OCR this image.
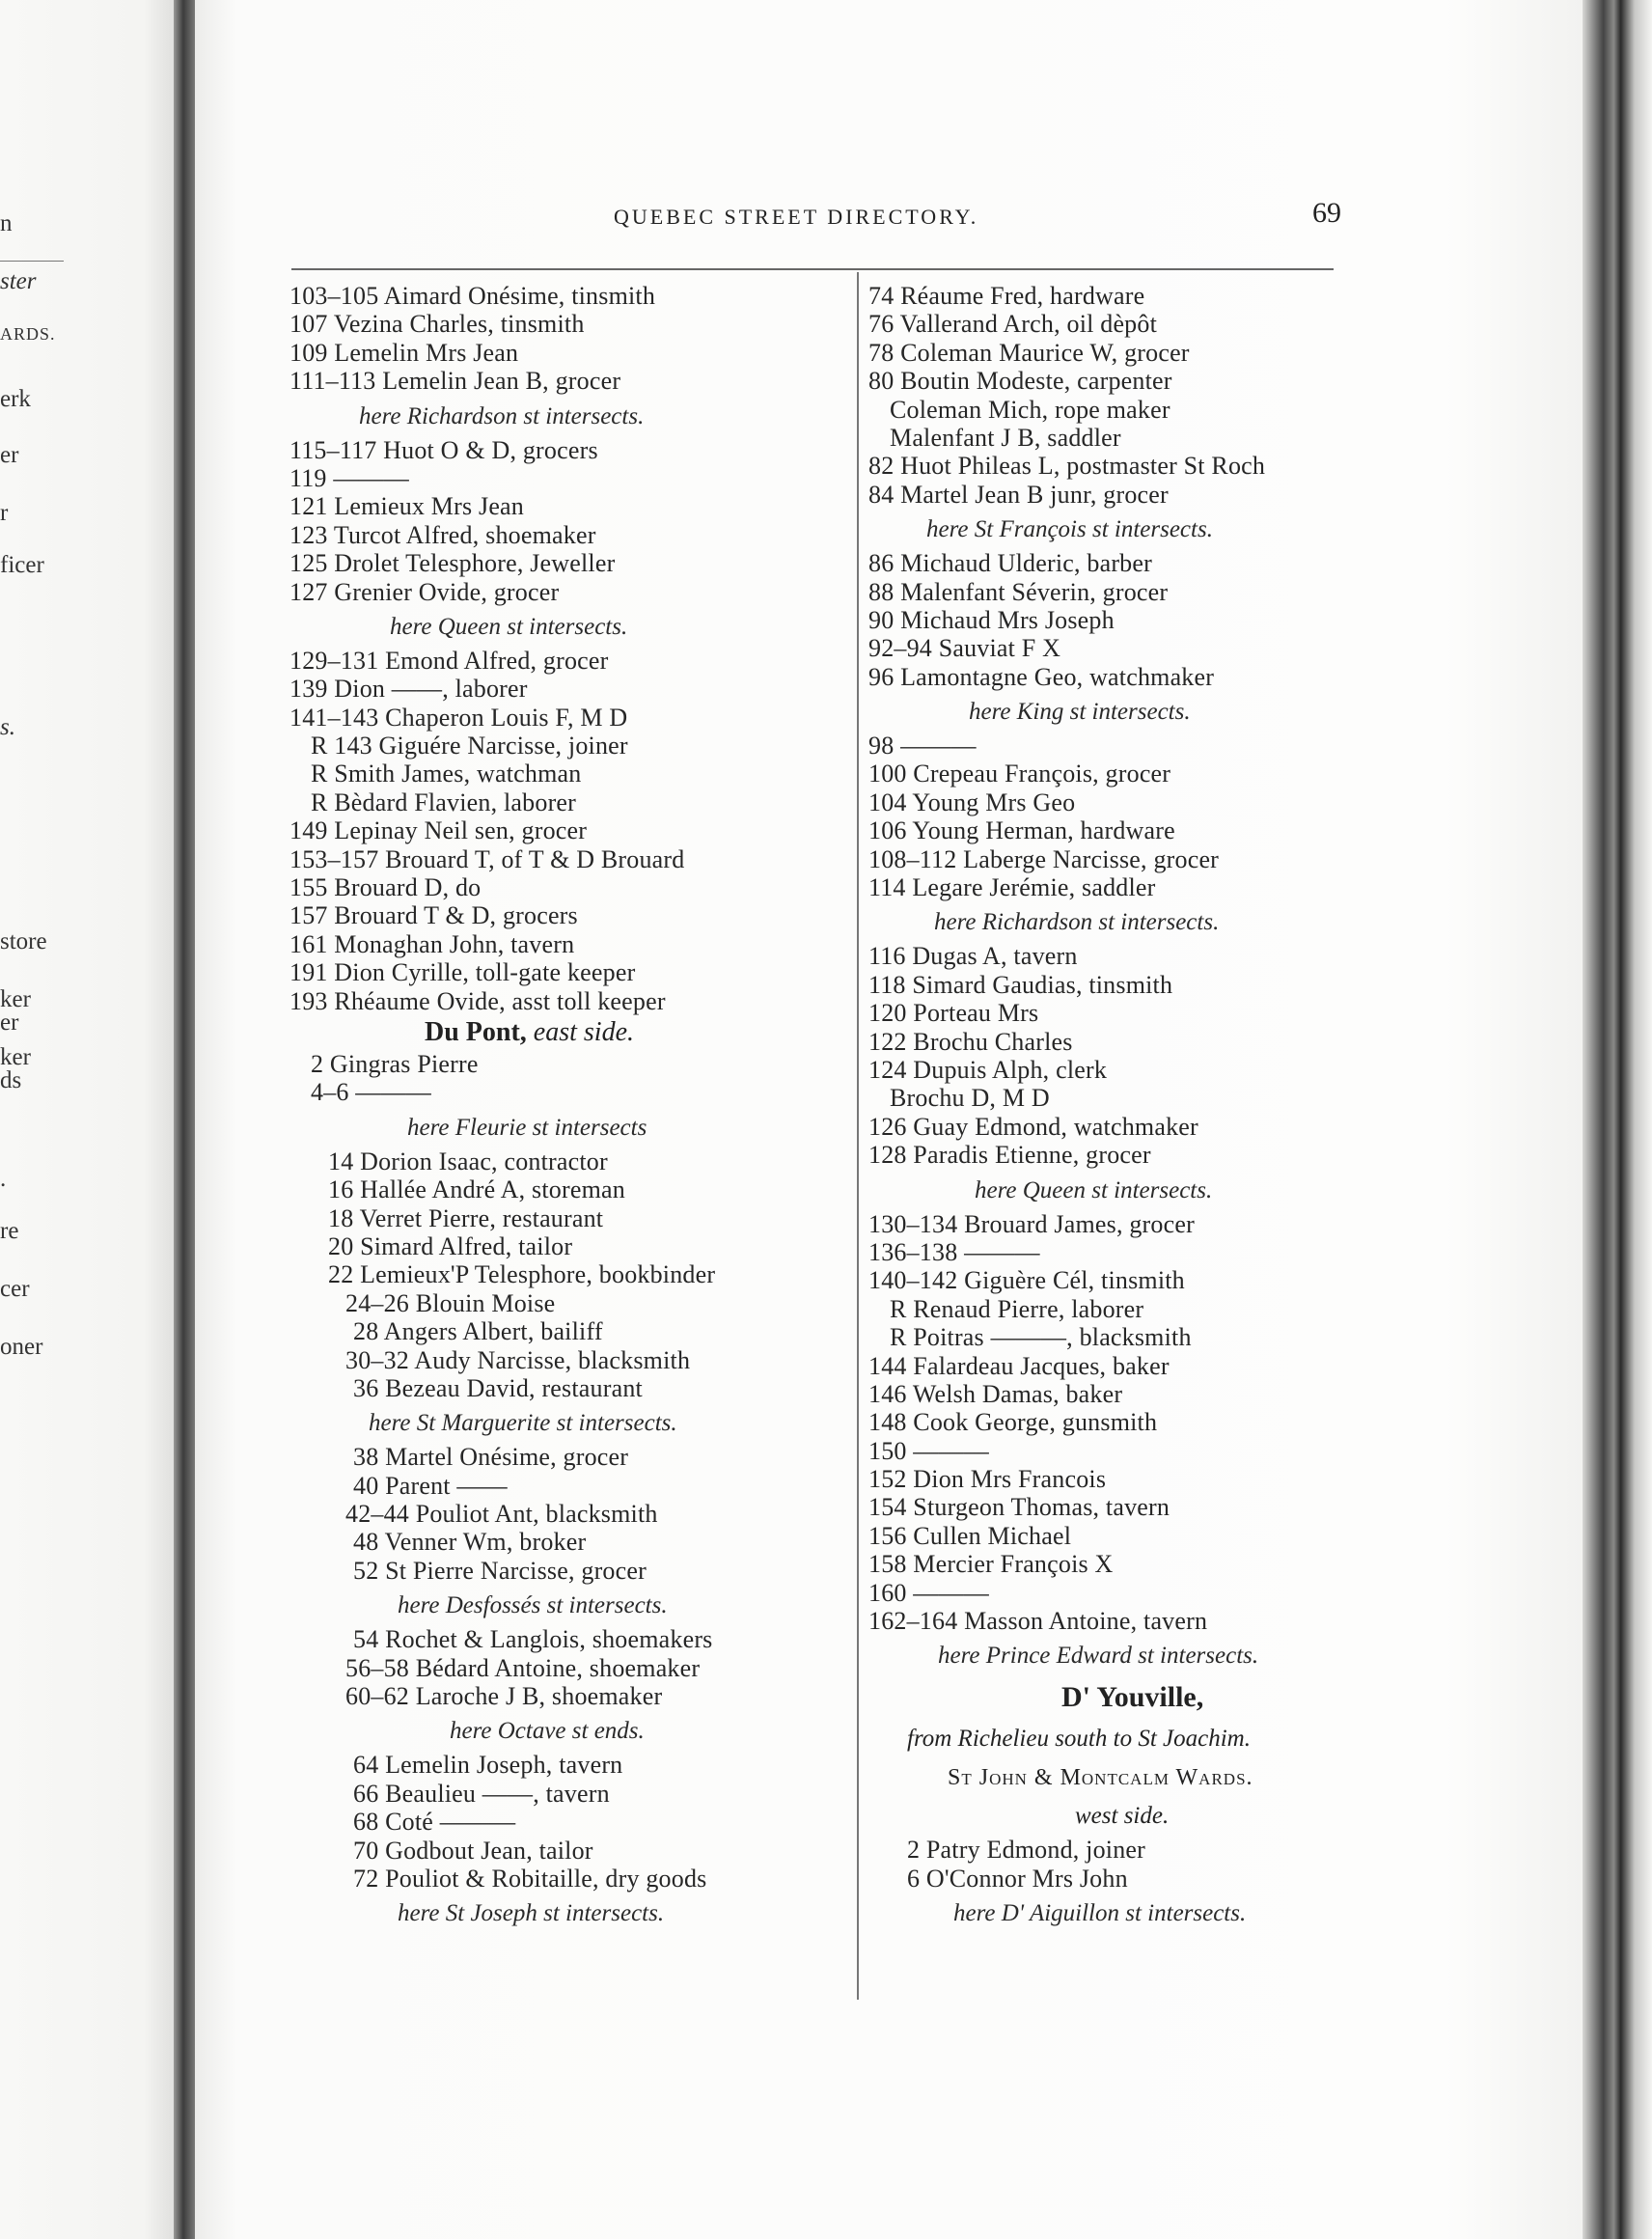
n
ster
ARDS.
erk
er
r
ficer
s.
store
ker
er
ker
ds
.
re
cer
oner
QUEBEC STREET DIRECTORY.	69
103–105 Aimard Onésime, tinsmith
107 Vezina Charles, tinsmith
109 Lemelin Mrs Jean
111–113 Lemelin Jean B, grocer
here Richardson st intersects.
115–117 Huot O & D, grocers
119 ———
121 Lemieux Mrs Jean
123 Turcot Alfred, shoemaker
125 Drolet Telesphore, Jeweller
127 Grenier Ovide, grocer
here Queen st intersects.
129–131 Emond Alfred, grocer
139 Dion ——, laborer
141–143 Chaperon Louis F, M D
R 143 Giguére Narcisse, joiner
R Smith James, watchman
R Bèdard Flavien, laborer
149 Lepinay Neil sen, grocer
153–157 Brouard T, of T & D Brouard
155 Brouard D, do
157 Brouard T & D, grocers
161 Monaghan John, tavern
191 Dion Cyrille, toll-gate keeper
193 Rhéaume Ovide, asst toll keeper
Du Pont, east side.
2 Gingras Pierre
4–6 ———
here Fleurie st intersects
14 Dorion Isaac, contractor
16 Hallée André A, storeman
18 Verret Pierre, restaurant
20 Simard Alfred, tailor
22 Lemieux'P Telesphore, bookbinder
24–26 Blouin Moise
28 Angers Albert, bailiff
30–32 Audy Narcisse, blacksmith
36 Bezeau David, restaurant
here St Marguerite st intersects.
38 Martel Onésime, grocer
40 Parent ——
42–44 Pouliot Ant, blacksmith
48 Venner Wm, broker
52 St Pierre Narcisse, grocer
here Desfossés st intersects.
54 Rochet & Langlois, shoemakers
56–58 Bédard Antoine, shoemaker
60–62 Laroche J B, shoemaker
here Octave st ends.
64 Lemelin Joseph, tavern
66 Beaulieu ——, tavern
68 Coté ———
70 Godbout Jean, tailor
72 Pouliot & Robitaille, dry goods
here St Joseph st intersects.
74 Réaume Fred, hardware
76 Vallerand Arch, oil dèpôt
78 Coleman Maurice W, grocer
80 Boutin Modeste, carpenter
Coleman Mich, rope maker
Malenfant J B, saddler
82 Huot Phileas L, postmaster St Roch
84 Martel Jean B junr, grocer
here St François st intersects.
86 Michaud Ulderic, barber
88 Malenfant Séverin, grocer
90 Michaud Mrs Joseph
92–94 Sauviat F X
96 Lamontagne Geo, watchmaker
here King st intersects.
98 ———
100 Crepeau François, grocer
104 Young Mrs Geo
106 Young Herman, hardware
108–112 Laberge Narcisse, grocer
114 Legare Jerémie, saddler
here Richardson st intersects.
116 Dugas A, tavern
118 Simard Gaudias, tinsmith
120 Porteau Mrs
122 Brochu Charles
124 Dupuis Alph, clerk
Brochu D, M D
126 Guay Edmond, watchmaker
128 Paradis Etienne, grocer
here Queen st intersects.
130–134 Brouard James, grocer
136–138 ———
140–142 Giguère Cél, tinsmith
R Renaud Pierre, laborer
R Poitras ———, blacksmith
144 Falardeau Jacques, baker
146 Welsh Damas, baker
148 Cook George, gunsmith
150 ———
152 Dion Mrs Francois
154 Sturgeon Thomas, tavern
156 Cullen Michael
158 Mercier François X
160 ———
162–164 Masson Antoine, tavern
here Prince Edward st intersects.
D' Youville,
from Richelieu south to St Joachim.
St John & Montcalm Wards.
west side.
2 Patry Edmond, joiner
6 O'Connor Mrs John
here D' Aiguillon st intersects.
